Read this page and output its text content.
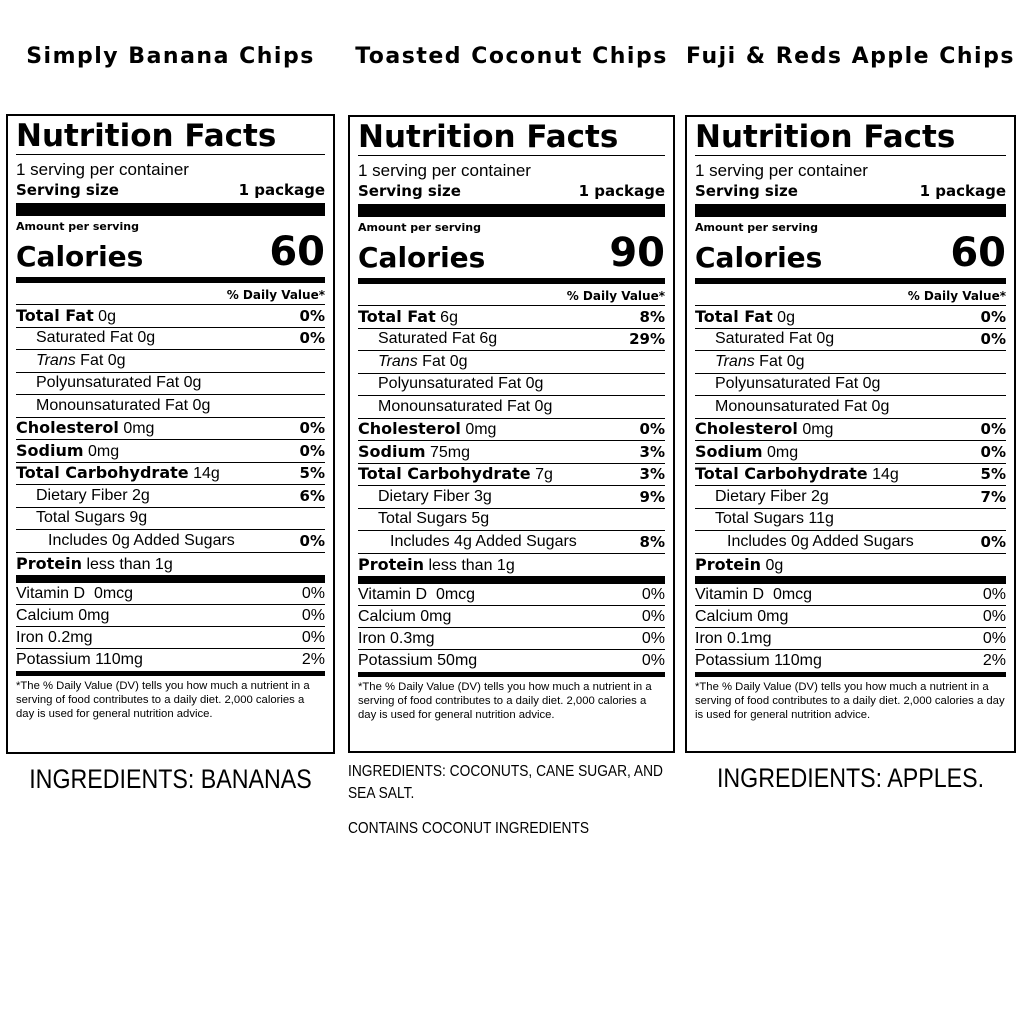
Simply Banana Chips
Nutrition Facts
1 serving per container
Serving size	1 package
Amount per serving
Calories	60
% Daily Value*
Total Fat 0g	0%
Saturated Fat 0g	0%
Trans Fat 0g
Polyunsaturated Fat 0g
Monounsaturated Fat 0g
Cholesterol 0mg	0%
Sodium 0mg	0%
Total Carbohydrate 14g	5%
Dietary Fiber 2g	6%
Total Sugars 9g
Includes 0g Added Sugars	0%
Protein less than 1g
Vitamin D  0mcg	0%
Calcium 0mg	0%
Iron 0.2mg	0%
Potassium 110mg	2%
*The % Daily Value (DV) tells you how much a nutrient in a serving of food contributes to a daily diet. 2,000 calories a day is used for general nutrition advice.
INGREDIENTS: BANANAS
Toasted Coconut Chips
Nutrition Facts
1 serving per container
Serving size	1 package
Amount per serving
Calories	90
% Daily Value*
Total Fat 6g	8%
Saturated Fat 6g	29%
Trans Fat 0g
Polyunsaturated Fat 0g
Monounsaturated Fat 0g
Cholesterol 0mg	0%
Sodium 75mg	3%
Total Carbohydrate 7g	3%
Dietary Fiber 3g	9%
Total Sugars 5g
Includes 4g Added Sugars	8%
Protein less than 1g
Vitamin D  0mcg	0%
Calcium 0mg	0%
Iron 0.3mg	0%
Potassium 50mg	0%
*The % Daily Value (DV) tells you how much a nutrient in a serving of food contributes to a daily diet. 2,000 calories a day is used for general nutrition advice.
INGREDIENTS: COCONUTS, CANE SUGAR, AND SEA SALT.
CONTAINS COCONUT INGREDIENTS
Fuji & Reds Apple Chips
Nutrition Facts
1 serving per container
Serving size	1 package
Amount per serving
Calories	60
% Daily Value*
Total Fat 0g	0%
Saturated Fat 0g	0%
Trans Fat 0g
Polyunsaturated Fat 0g
Monounsaturated Fat 0g
Cholesterol 0mg	0%
Sodium 0mg	0%
Total Carbohydrate 14g	5%
Dietary Fiber 2g	7%
Total Sugars 11g
Includes 0g Added Sugars	0%
Protein 0g
Vitamin D  0mcg	0%
Calcium 0mg	0%
Iron 0.1mg	0%
Potassium 110mg	2%
*The % Daily Value (DV) tells you how much a nutrient in a serving of food contributes to a daily diet. 2,000 calories a day is used for general nutrition advice.
INGREDIENTS: APPLES.
